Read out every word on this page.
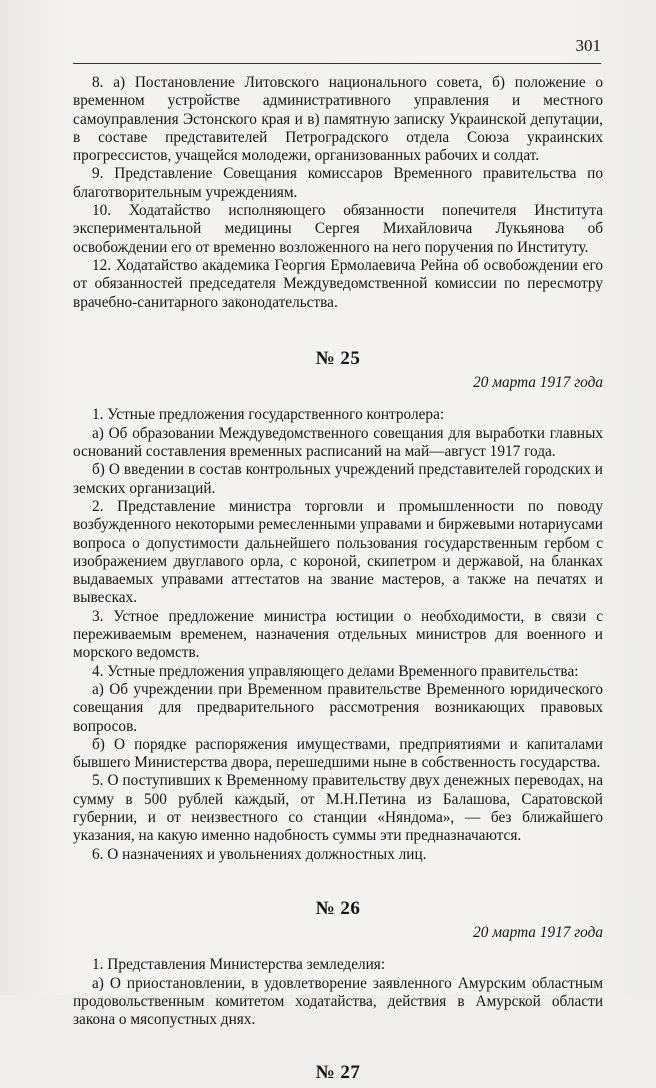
301

8. а) Постановление Литовского национального совета, б) положение о временном устройстве административного управления и местного самоуправления Эстонского края и в) памятную записку Украинской депутации, в составе представителей Петроградского отдела Союза украинских прогрессистов, учащейся молодежи, организованных рабочих и солдат.

9. Представление Совещания комиссаров Временного правительства по благотворительным учреждениям.

10. Ходатайство исполняющего обязанности попечителя Института экспериментальной медицины Сергея Михайловича Лукьянова об освобождении его от временно возложенного на него поручения по Институту.

12. Ходатайство академика Георгия Ермолаевича Рейна об освобождении его от обязанностей председателя Междуведомственной комиссии по пересмотру врачебно-санитарного законодательства.

№ 25

20 марта 1917 года

1. Устные предложения государственного контролера:

а) Об образовании Междуведомственного совещания для выработки главных оснований составления временных расписаний на май—август 1917 года.

б) О введении в состав контрольных учреждений представителей городских и земских организаций.

2. Представление министра торговли и промышленности по поводу возбужденного некоторыми ремесленными управами и биржевыми нотариусами вопроса о допустимости дальнейшего пользования государственным гербом с изображением двуглавого орла, с короной, скипетром и державой, на бланках выдаваемых управами аттестатов на звание мастеров, а также на печатях и вывесках.

3. Устное предложение министра юстиции о необходимости, в связи с переживаемым временем, назначения отдельных министров для военного и морского ведомств.

4. Устные предложения управляющего делами Временного правительства:

а) Об учреждении при Временном правительстве Временного юридического совещания для предварительного рассмотрения возникающих правовых вопросов.

б) О порядке распоряжения имуществами, предприятиями и капиталами бывшего Министерства двора, перешедшими ныне в собственность государства.

5. О поступивших к Временному правительству двух денежных переводах, на сумму в 500 рублей каждый, от М.Н.Петина из Балашова, Саратовской губернии, и от неизвестного со станции «Няндома», — без ближайшего указания, на какую именно надобность суммы эти предназначаются.

6. О назначениях и увольнениях должностных лиц.

№ 26

20 марта 1917 года

1. Представления Министерства земледелия:

а) О приостановлении, в удовлетворение заявленного Амурским областным продовольственным комитетом ходатайства, действия в Амурской области закона о мясопустных днях.

№ 27
